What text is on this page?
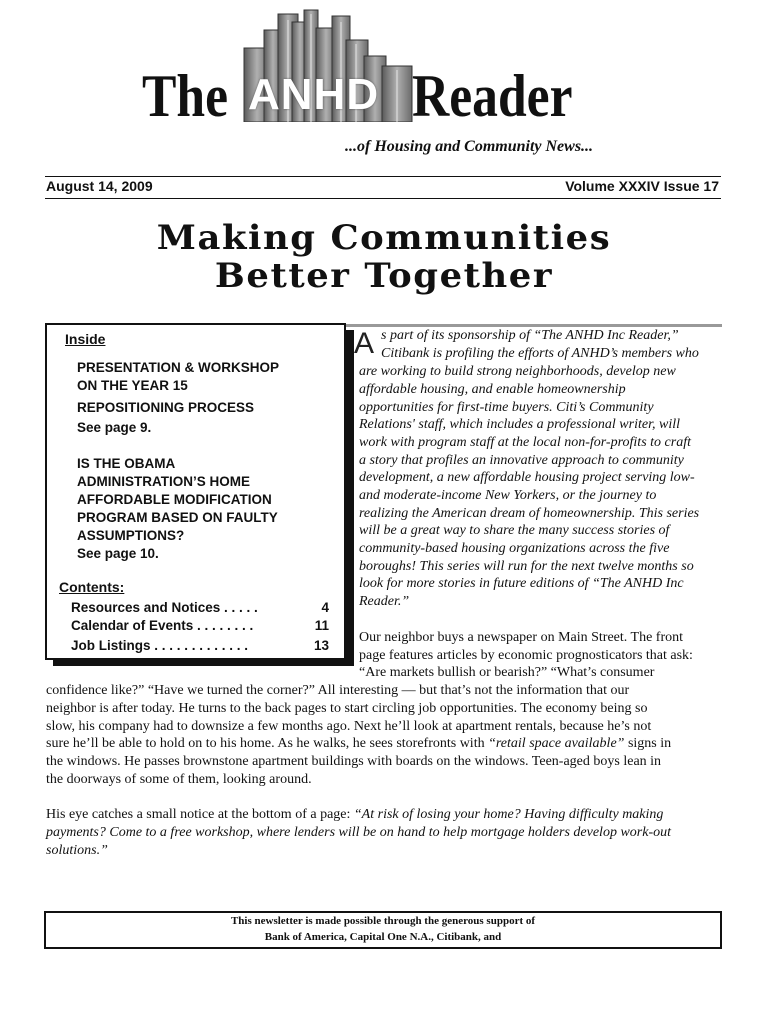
The ANHD Reader
...of Housing and Community News...
August 14, 2009	Volume XXXIV Issue 17
Making Communities
Better Together
Inside
PRESENTATION & WORKSHOP
ON THE YEAR 15
REPOSITIONING PROCESS
See page 9.
IS THE OBAMA
ADMINISTRATION’S HOME
AFFORDABLE MODIFICATION
PROGRAM BASED ON FAULTY
ASSUMPTIONS?
See page 10.
Contents:
Resources and Notices . . . . .	4
Calendar of Events . . . . . . . .	11
Job Listings . . . . . . . . . . . . .	13
A s part of its sponsorship of “The ANHD Inc Reader,”
Citibank is profiling the efforts of ANHD’s members who
are working to build strong neighborhoods, develop new
affordable housing, and enable homeownership
opportunities for first-time buyers. Citi’s Community
Relations' staff, which includes a professional writer, will
work with program staff at the local non-for-profits to craft
a story that profiles an innovative approach to community
development, a new affordable housing project serving low-
and moderate-income New Yorkers, or the journey to
realizing the American dream of homeownership. This series
will be a great way to share the many success stories of
community-based housing organizations across the five
boroughs! This series will run for the next twelve months so
look for more stories in future editions of “The ANHD Inc
Reader.”
Our neighbor buys a newspaper on Main Street. The front
page features articles by economic prognosticators that ask:
“Are markets bullish or bearish?” “What’s consumer
confidence like?” “Have we turned the corner?” All interesting — but that’s not the information that our
neighbor is after today. He turns to the back pages to start circling job opportunities. The economy being so
slow, his company had to downsize a few months ago. Next he’ll look at apartment rentals, because he’s not
sure he’ll be able to hold on to his home. As he walks, he sees storefronts with “retail space available” signs in
the windows. He passes brownstone apartment buildings with boards on the windows. Teen-aged boys lean in
the doorways of some of them, looking around.
His eye catches a small notice at the bottom of a page: “At risk of losing your home? Having difficulty making
payments? Come to a free workshop, where lenders will be on hand to help mortgage holders develop work-out
solutions.”
This newsletter is made possible through the generous support of
Bank of America, Capital One N.A., Citibank, and
